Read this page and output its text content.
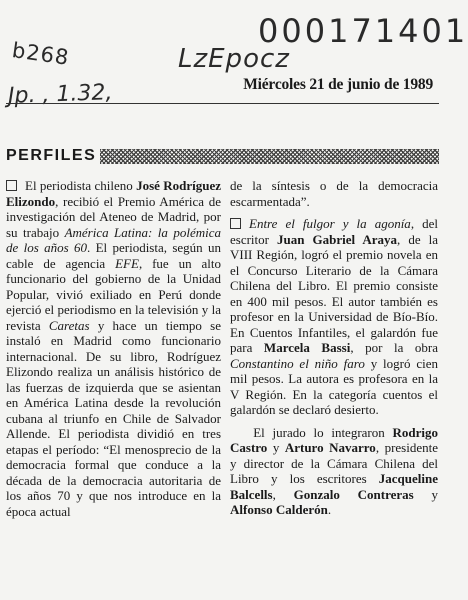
b268	LzEpocz
000171401
Jp. , 1.32,	Miércoles 21 de junio de 1989
PERFILES

El periodista chileno José Rodríguez Elizondo, recibió el Premio América de investigación del Ateneo de Madrid, por su trabajo América Latina: la polémica de los años 60. El periodista, según un cable de agencia EFE, fue un alto funcionario del gobierno de la Unidad Popular, vivió exiliado en Perú donde ejerció el periodismo en la televisión y la revista Caretas y hace un tiempo se instaló en Madrid como funcionario internacional. De su libro, Rodríguez Elizondo realiza un análisis histórico de las fuerzas de izquierda que se asientan en América Latina desde la revolución cubana al triunfo en Chile de Salvador Allende. El periodista dividió en tres etapas el período: “El menosprecio de la democracia formal que conduce a la década de la democracia autoritaria de los años 70 y que nos introduce en la época actual

de la síntesis o de la democracia escarmentada”.

Entre el fulgor y la agonía, del escritor Juan Gabriel Araya, de la VIII Región, logró el premio novela en el Concurso Literario de la Cámara Chilena del Libro. El premio consiste en 400 mil pesos. El autor también es profesor en la Universidad de Bío-Bío. En Cuentos Infantiles, el galardón fue para Marcela Bassi, por la obra Constantino el niño faro y logró cien mil pesos. La autora es profesora en la V Región. En la categoría cuentos el galardón se declaró desierto.

El jurado lo integraron Rodrigo Castro y Arturo Navarro, presidente y director de la Cámara Chilena del Libro y los escritores Jacqueline Balcells, Gonzalo Contreras y Alfonso Calderón.
